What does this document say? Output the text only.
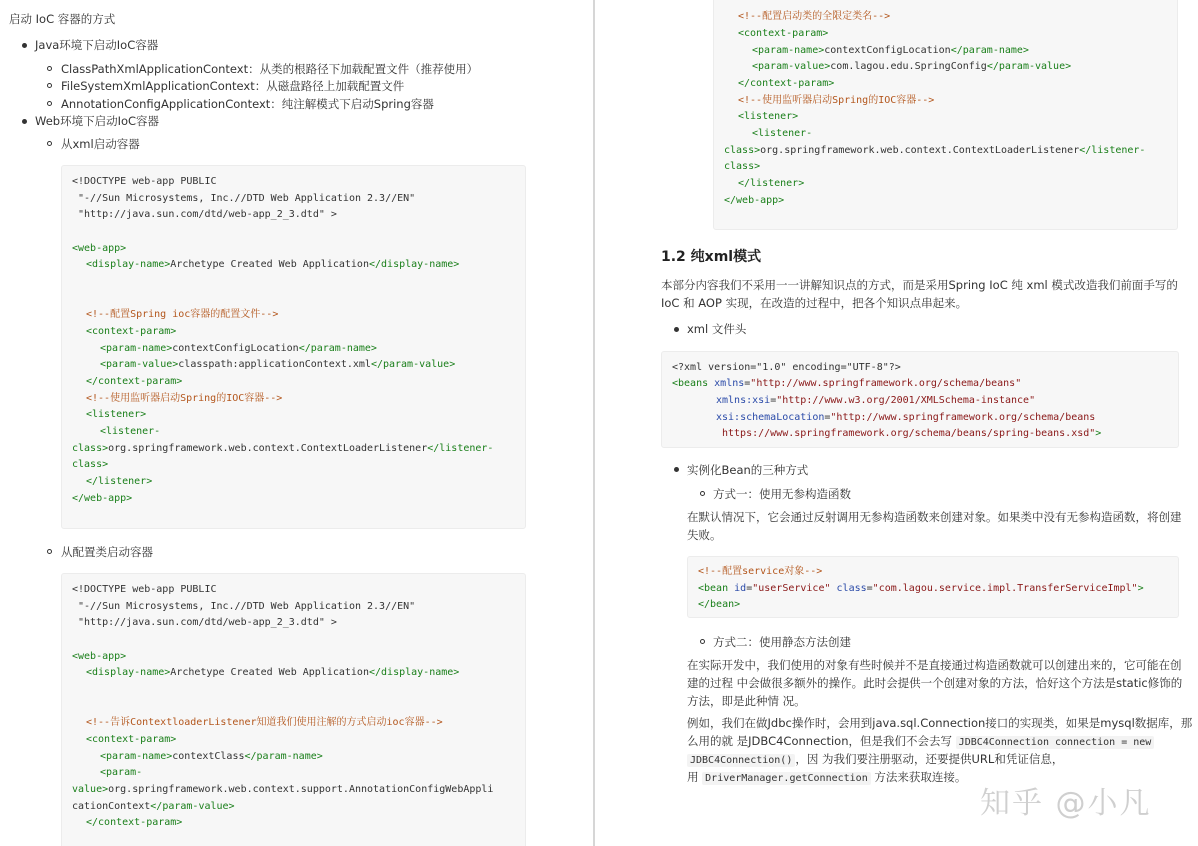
启动 IoC 容器的方式
Java环境下启动IoC容器
ClassPathXmlApplicationContext：从类的根路径下加载配置文件（推荐使用）
FileSystemXmlApplicationContext：从磁盘路径上加载配置文件
AnnotationConfigApplicationContext：纯注解模式下启动Spring容器
Web环境下启动IoC容器
从xml启动容器
<!DOCTYPE web-app PUBLIC
"-//Sun Microsystems, Inc.//DTD Web Application 2.3//EN"
"http://java.sun.com/dtd/web-app_2_3.dtd" >
<web-app>
<display-name>Archetype Created Web Application</display-name>
<!--配置Spring ioc容器的配置文件-->
<context-param>
<param-name>contextConfigLocation</param-name>
<param-value>classpath:applicationContext.xml</param-value>
</context-param>
<!--使用监听器启动Spring的IOC容器-->
<listener>
<listener-
class>org.springframework.web.context.ContextLoaderListener</listener-
class>
</listener>
</web-app>
从配置类启动容器
<!DOCTYPE web-app PUBLIC
"-//Sun Microsystems, Inc.//DTD Web Application 2.3//EN"
"http://java.sun.com/dtd/web-app_2_3.dtd" >
<web-app>
<display-name>Archetype Created Web Application</display-name>
<!--告诉ContextloaderListener知道我们使用注解的方式启动ioc容器-->
<context-param>
<param-name>contextClass</param-name>
<param-
value>org.springframework.web.context.support.AnnotationConfigWebAppli
cationContext</param-value>
</context-param>
<!--配置启动类的全限定类名-->
<context-param>
<param-name>contextConfigLocation</param-name>
<param-value>com.lagou.edu.SpringConfig</param-value>
</context-param>
<!--使用监听器启动Spring的IOC容器-->
<listener>
<listener-
class>org.springframework.web.context.ContextLoaderListener</listener-
class>
</listener>
</web-app>
1.2 纯xml模式
本部分内容我们不采用一一讲解知识点的方式，而是采用Spring IoC 纯 xml 模式改造我们前面手写的
IoC 和 AOP 实现，在改造的过程中，把各个知识点串起来。
xml 文件头
<?xml version="1.0" encoding="UTF-8"?>
<beans xmlns="http://www.springframework.org/schema/beans"
xmlns:xsi="http://www.w3.org/2001/XMLSchema-instance"
xsi:schemaLocation="http://www.springframework.org/schema/beans
https://www.springframework.org/schema/beans/spring-beans.xsd">
实例化Bean的三种方式
方式一：使用无参构造函数
在默认情况下，它会通过反射调用无参构造函数来创建对象。如果类中没有无参构造函数，将创建
失败。
<!--配置service对象-->
<bean id="userService" class="com.lagou.service.impl.TransferServiceImpl">
</bean>
方式二：使用静态方法创建
在实际开发中，我们使用的对象有些时候并不是直接通过构造函数就可以创建出来的，它可能在创
建的过程 中会做很多额外的操作。此时会提供一个创建对象的方法，恰好这个方法是static修饰的
方法，即是此种情 况。
例如，我们在做Jdbc操作时，会用到java.sql.Connection接口的实现类，如果是mysql数据库，那
么用的就 是JDBC4Connection，但是我们不会去写 JDBC4Connection connection = new
JDBC4Connection() ，因 为我们要注册驱动，还要提供URL和凭证信息，
用 DriverManager.getConnection 方法来获取连接。
知乎 @小凡
